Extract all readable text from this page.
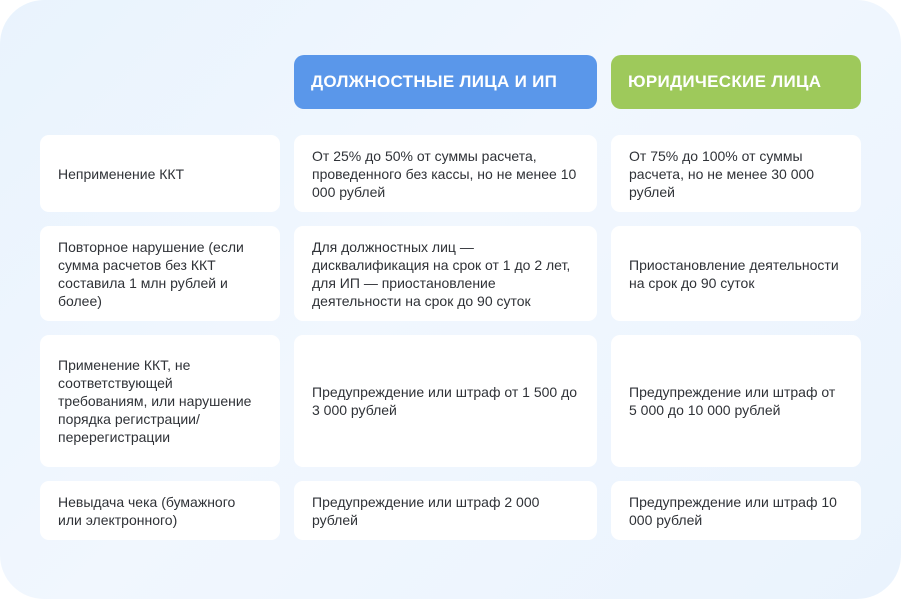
ДОЛЖНОСТНЫЕ ЛИЦА И ИП	ЮРИДИЧЕСКИЕ ЛИЦА
Неприменение ККТ
От 25% до 50% от суммы расчета, проведенного без кассы, но не менее 10 000 рублей
От 75% до 100% от суммы расчета, но не менее 30 000 рублей
Повторное нарушение (если сумма расчетов без ККТ составила 1 млн рублей и более)
Для должностных лиц — дисквалификация на срок от 1 до 2 лет, для ИП — приостановление деятельности на срок до 90 суток
Приостановление деятельности на срок до 90 суток
Применение ККТ, не соответствующей требованиям, или нарушение порядка регистрации/ перерегистрации
Предупреждение или штраф от 1 500 до 3 000 рублей
Предупреждение или штраф от 5 000 до 10 000 рублей
Невыдача чека (бумажного или электронного)
Предупреждение или штраф 2 000 рублей
Предупреждение или штраф 10 000 рублей
